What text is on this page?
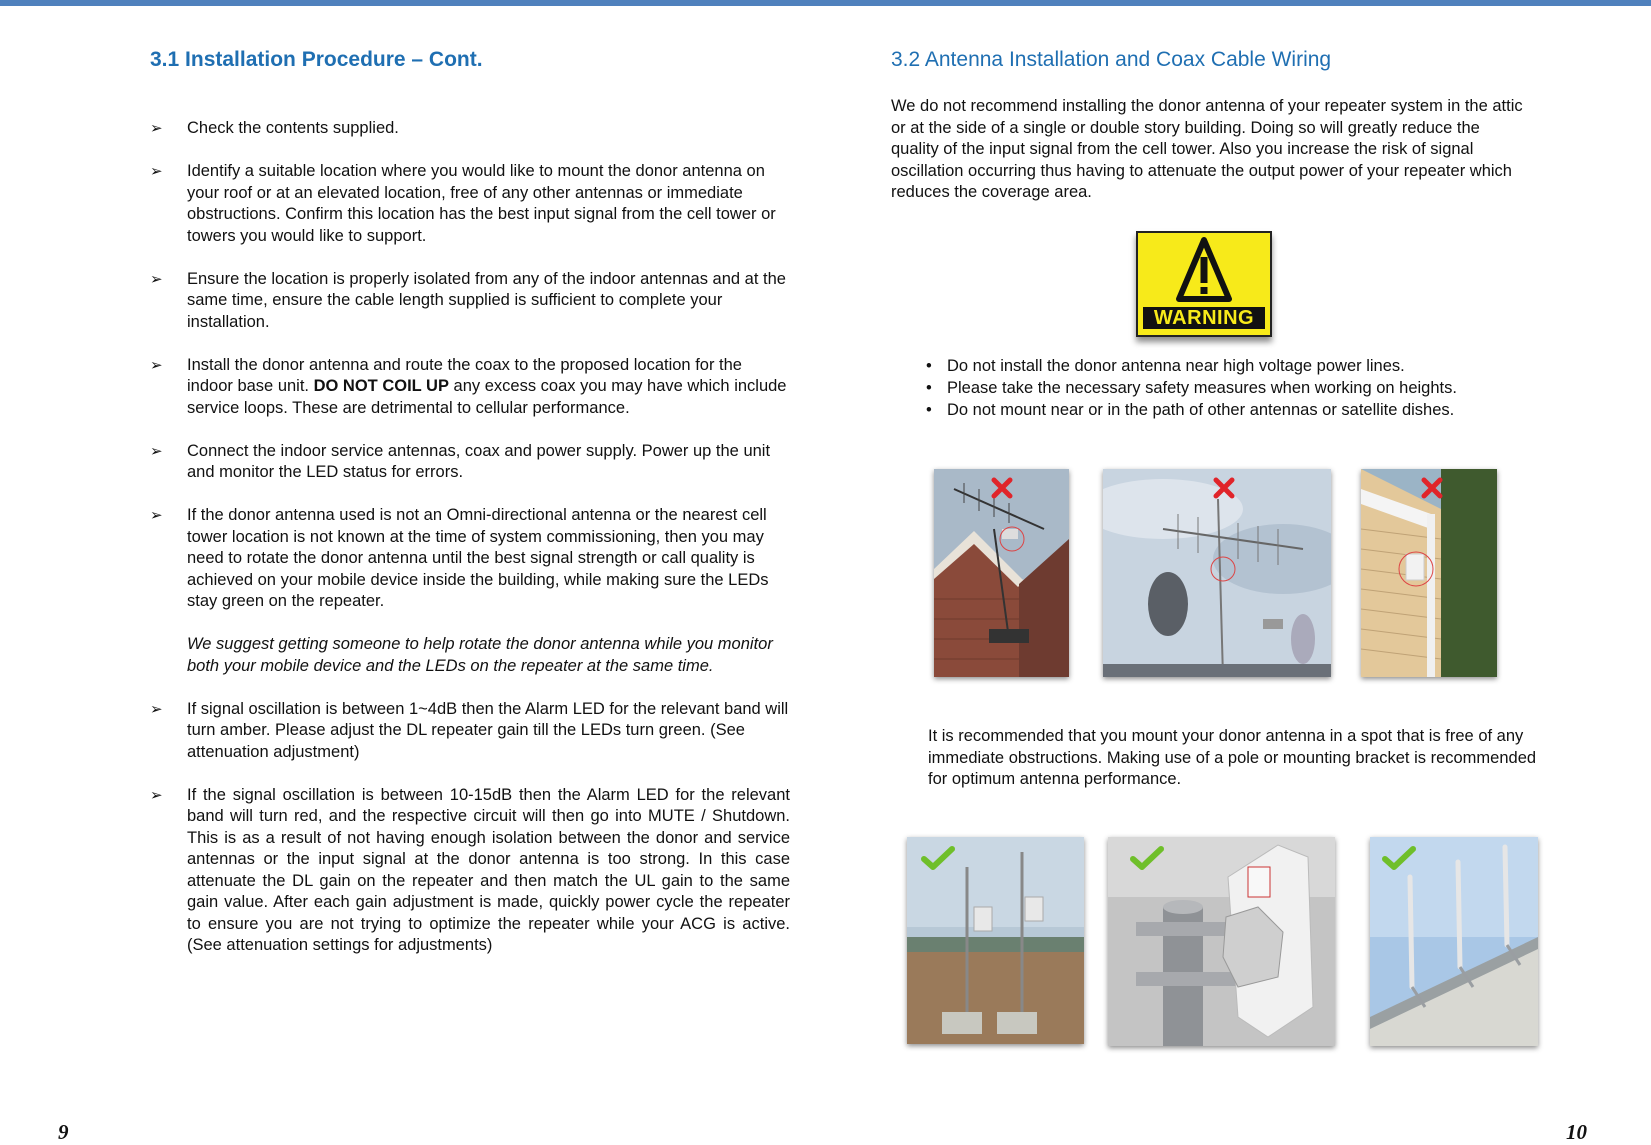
3.1 Installation Procedure – Cont.
➢ Check the contents supplied.
➢ Identify a suitable location where you would like to mount the donor antenna on your roof or at an elevated location, free of any other antennas or immediate obstructions. Confirm this location has the best input signal from the cell tower or towers you would like to support.
➢ Ensure the location is properly isolated from any of the indoor antennas and at the same time, ensure the cable length supplied is sufficient to complete your installation.
➢ Install the donor antenna and route the coax to the proposed location for the indoor base unit. DO NOT COIL UP any excess coax you may have which include service loops. These are detrimental to cellular performance.
➢ Connect the indoor service antennas, coax and power supply. Power up the unit and monitor the LED status for errors.
➢ If the donor antenna used is not an Omni-directional antenna or the nearest cell tower location is not known at the time of system commissioning, then you may need to rotate the donor antenna until the best signal strength or call quality is achieved on your mobile device inside the building, while making sure the LEDs stay green on the repeater.
We suggest getting someone to help rotate the donor antenna while you monitor both your mobile device and the LEDs on the repeater at the same time.
➢ If signal oscillation is between 1~4dB then the Alarm LED for the relevant band will turn amber. Please adjust the DL repeater gain till the LEDs turn green. (See attenuation adjustment)
➢ If the signal oscillation is between 10-15dB then the Alarm LED for the relevant band will turn red, and the respective circuit will then go into MUTE / Shutdown. This is as a result of not having enough isolation between the donor and service antennas or the input signal at the donor antenna is too strong. In this case attenuate the DL gain on the repeater and then match the UL gain to the same gain value. After each gain adjustment is made, quickly power cycle the repeater to ensure you are not trying to optimize the repeater while your ACG is active. (See attenuation settings for adjustments)
9
3.2 Antenna Installation and Coax Cable Wiring

We do not recommend installing the donor antenna of your repeater system in the attic or at the side of a single or double story building. Doing so will greatly reduce the quality of the input signal from the cell tower. Also you increase the risk of signal oscillation occurring thus having to attenuate the output power of your repeater which reduces the coverage area.

WARNING
• Do not install the donor antenna near high voltage power lines.
• Please take the necessary safety measures when working on heights.
• Do not mount near or in the path of other antennas or satellite dishes.

It is recommended that you mount your donor antenna in a spot that is free of any immediate obstructions. Making use of a pole or mounting bracket is recommended for optimum antenna performance.

10
